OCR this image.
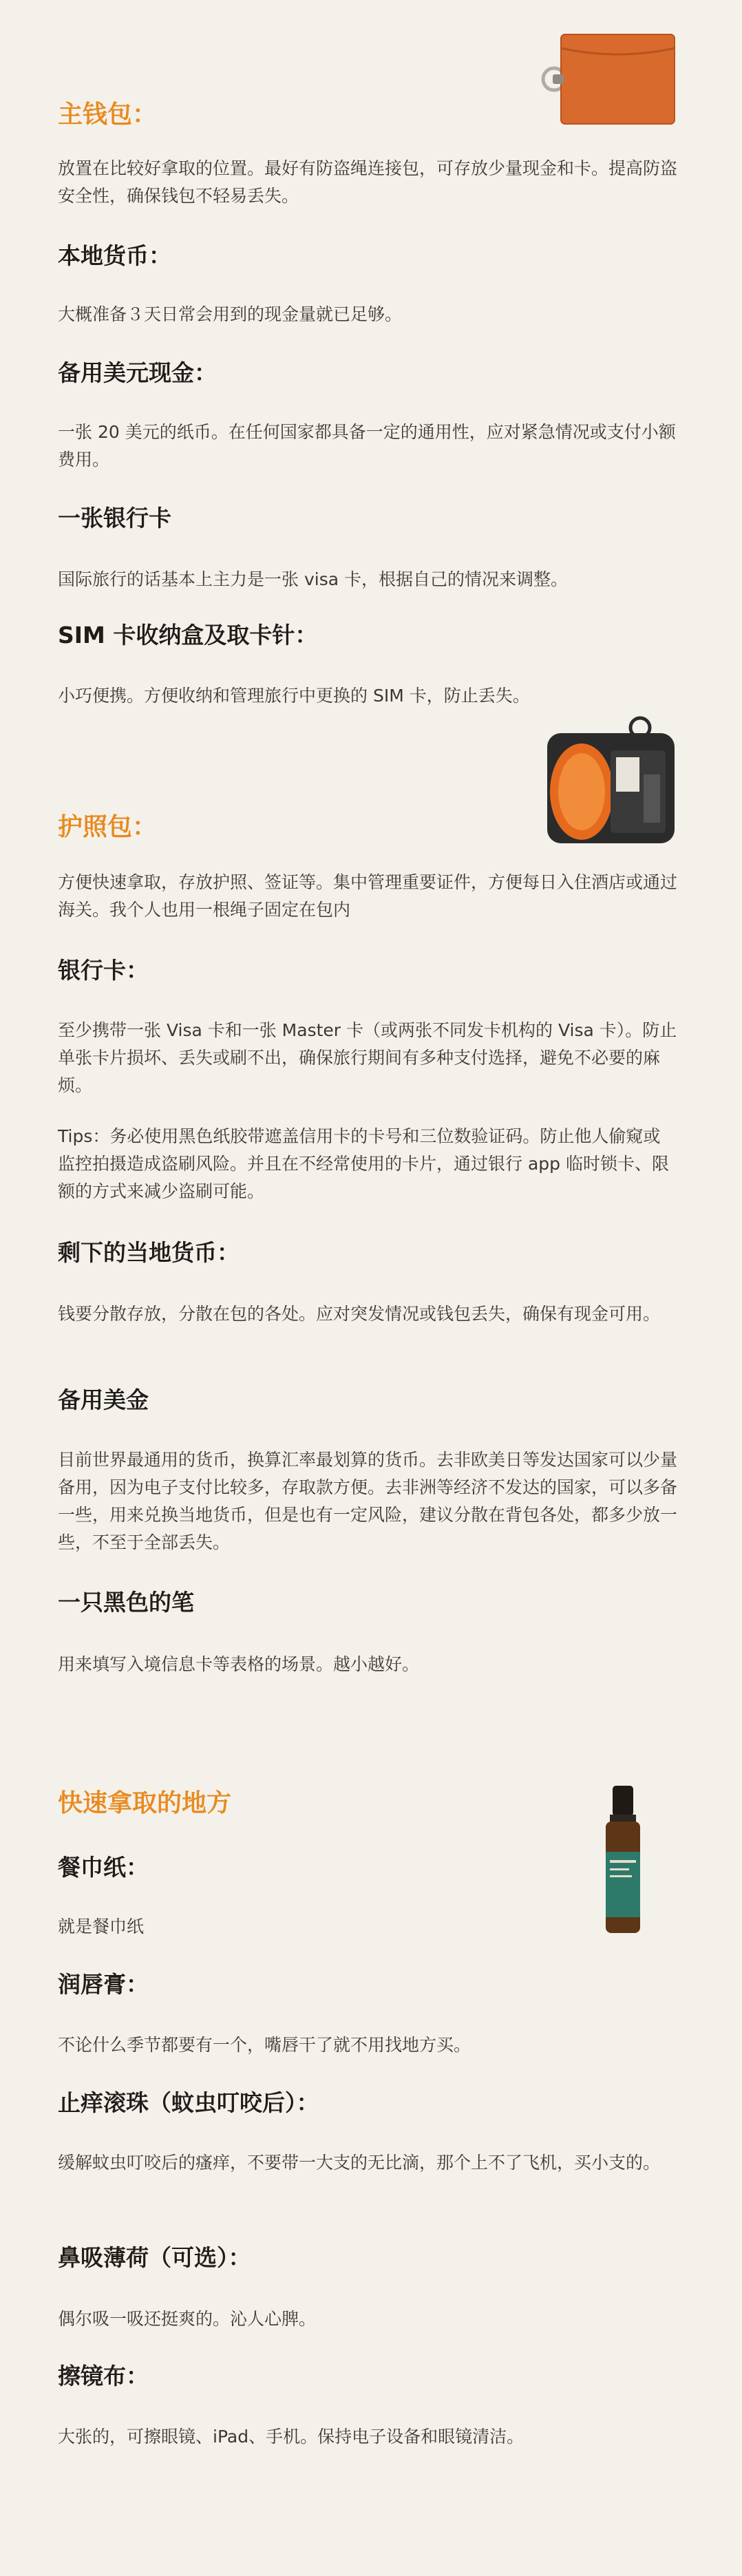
主钱包：

放置在比较好拿取的位置。最好有防盗绳连接包，可存放少量现金和卡。提高防盗安全性，确保钱包不轻易丢失。

本地货币：

大概准备３天日常会用到的现金量就已足够。

备用美元现金：

一张 20 美元的纸币。在任何国家都具备一定的通用性，应对紧急情况或支付小额费用。

一张银行卡

国际旅行的话基本上主力是一张 visa 卡，根据自己的情况来调整。

SIM 卡收纳盒及取卡针：

小巧便携。方便收纳和管理旅行中更换的 SIM 卡，防止丢失。

护照包：

方便快速拿取，存放护照、签证等。集中管理重要证件，方便每日入住酒店或通过海关。我个人也用一根绳子固定在包内

银行卡：

至少携带一张 Visa 卡和一张 Master 卡（或两张不同发卡机构的 Visa 卡）。防止单张卡片损坏、丢失或刷不出，确保旅行期间有多种支付选择，避免不必要的麻烦。

Tips：务必使用黑色纸胶带遮盖信用卡的卡号和三位数验证码。防止他人偷窥或监控拍摄造成盗刷风险。并且在不经常使用的卡片，通过银行 app 临时锁卡、限额的方式来减少盗刷可能。

剩下的当地货币：

钱要分散存放，分散在包的各处。应对突发情况或钱包丢失，确保有现金可用。

备用美金

目前世界最通用的货币，换算汇率最划算的货币。去非欧美日等发达国家可以少量备用，因为电子支付比较多，存取款方便。去非洲等经济不发达的国家，可以多备一些，用来兑换当地货币，但是也有一定风险，建议分散在背包各处，都多少放一些，不至于全部丢失。

一只黑色的笔

用来填写入境信息卡等表格的场景。越小越好。

快速拿取的地方
餐巾纸：

就是餐巾纸

润唇膏：

不论什么季节都要有一个，嘴唇干了就不用找地方买。

止痒滚珠（蚊虫叮咬后）：

缓解蚊虫叮咬后的瘙痒，不要带一大支的无比滴，那个上不了飞机，买小支的。

鼻吸薄荷（可选）：

偶尔吸一吸还挺爽的。沁人心脾。

擦镜布：

大张的，可擦眼镜、iPad、手机。保持电子设备和眼镜清洁。
